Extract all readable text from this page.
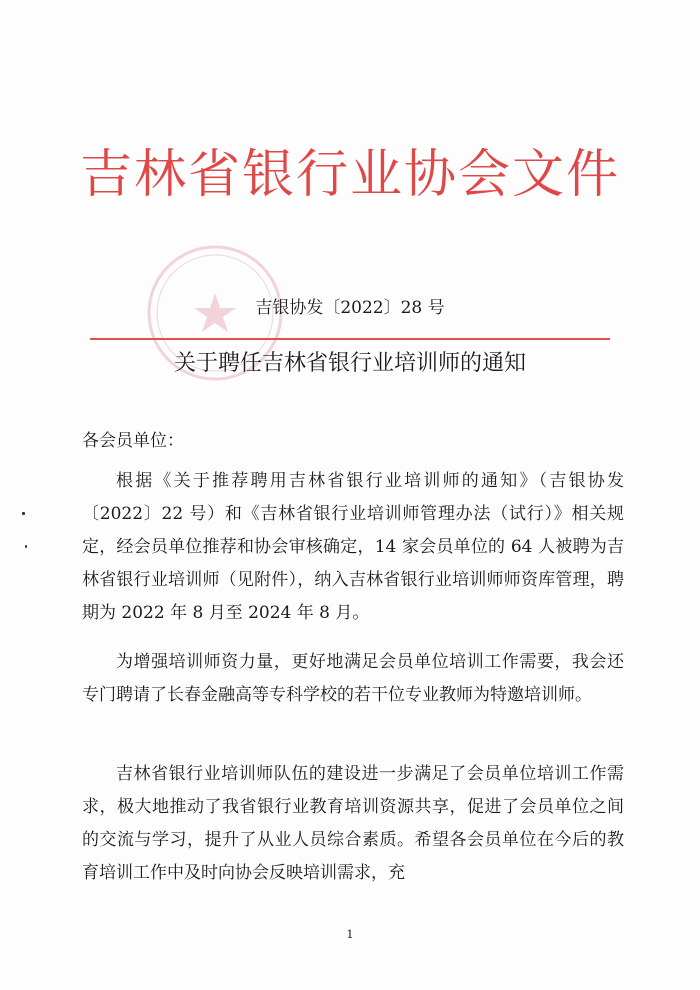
吉林省银行业协会文件
吉银协发〔2022〕28 号
关于聘任吉林省银行业培训师的通知
各会员单位：

根据《关于推荐聘用吉林省银行业培训师的通知》（吉银协发〔2022〕22 号）和《吉林省银行业培训师管理办法（试行）》相关规定，经会员单位推荐和协会审核确定，14 家会员单位的 64 人被聘为吉林省银行业培训师（见附件），纳入吉林省银行业培训师师资库管理，聘期为 2022 年 8 月至 2024 年 8 月。

为增强培训师资力量，更好地满足会员单位培训工作需要，我会还专门聘请了长春金融高等专科学校的若干位专业教师为特邀培训师。

吉林省银行业培训师队伍的建设进一步满足了会员单位培训工作需求，极大地推动了我省银行业教育培训资源共享，促进了会员单位之间的交流与学习，提升了从业人员综合素质。希望各会员单位在今后的教育培训工作中及时向协会反映培训需求，充

1
